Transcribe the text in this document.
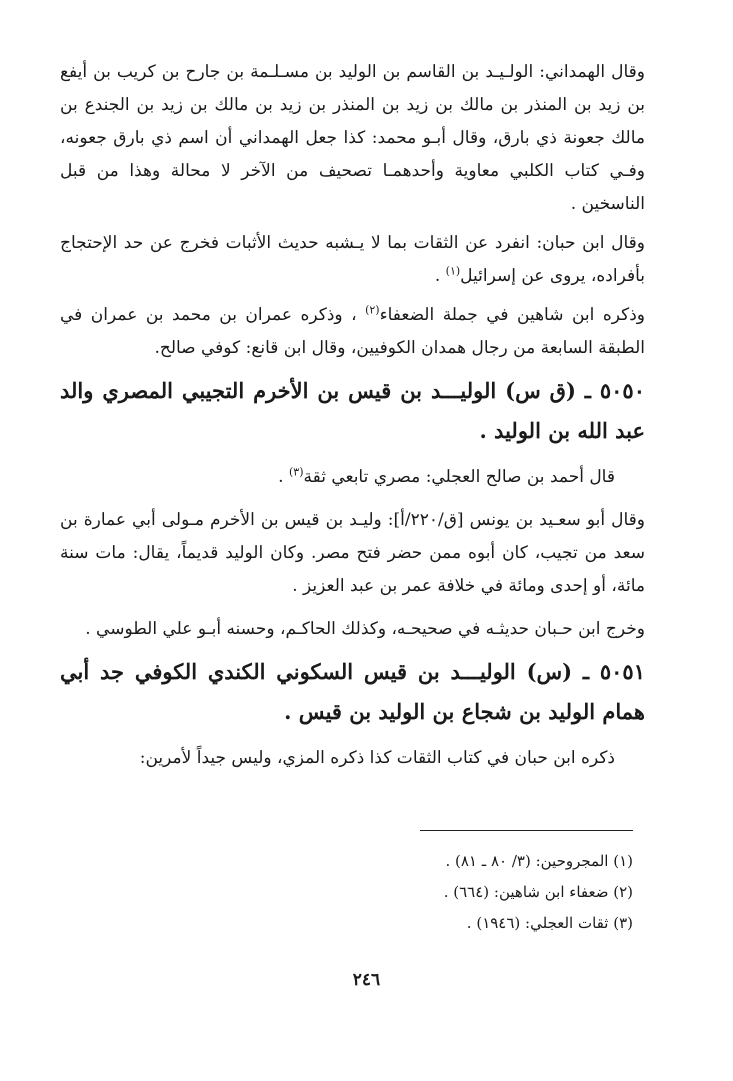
وقال الهمداني: الولـيـد بن القاسم بن الوليد بن مسـلـمة بن جارح بن كريب بن أيفع بن زيد بن المنذر بن مالك بن زيد بن المنذر بن زيد بن مالك بن زيد بن الجندع بن مالك جعونة ذي بارق، وقال أبـو محمد: كذا جعل الهمداني أن اسم ذي بارق جعونه، وفـي كتاب الكلبي معاوية وأحدهمـا تصحيف من الآخر لا محالة وهذا من قبل الناسخين .

وقال ابن حبان: انفرد عن الثقات بما لا يـشبه حديث الأثبات فخرج عن حد الإحتجاج بأفراده، يروى عن إسرائيل$^{(١)}$ .

وذكره ابن شاهين في جملة الضعفاء$^{(٢)}$ ، وذكره عمران بن محمد بن عمران في الطبقة السابعة من رجال همدان الكوفيين، وقال ابن قانع: كوفي صالح.

٥٠٥٠ ـ (ق س) الوليـــد بن قيس بن الأخرم التجيبي المصري والد عبد الله بن الوليد .

قال أحمد بن صالح العجلي: مصري تابعي ثقة$^{(٣)}$ .

وقال أبو سعـيد بن يونس [ق/٢٢٠/أ]: وليـد بن قيس بن الأخرم مـولى أبي عمارة بن سعد من تجيب، كان أبوه ممن حضر فتح مصر. وكان الوليد قديماً، يقال: مات سنة مائة، أو إحدى ومائة في خلافة عمر بن عبد العزيز .

وخرج ابن حـبان حديثـه في صحيحـه، وكذلك الحاكـم، وحسنه أبـو علي الطوسي .

٥٠٥١ ـ (س) الوليـــد بن قيس السكوني الكندي الكوفي جد أبي همام الوليد بن شجاع بن الوليد بن قيس .

ذكره ابن حبان في كتاب الثقات كذا ذكره المزي، وليس جيداً لأمرين:

(١) المجروحين: (٣/ ٨٠ ـ ٨١) .

(٢) ضعفاء ابن شاهين: (٦٦٤) .

(٣) ثقات العجلي: (١٩٤٦) .

٢٤٦
